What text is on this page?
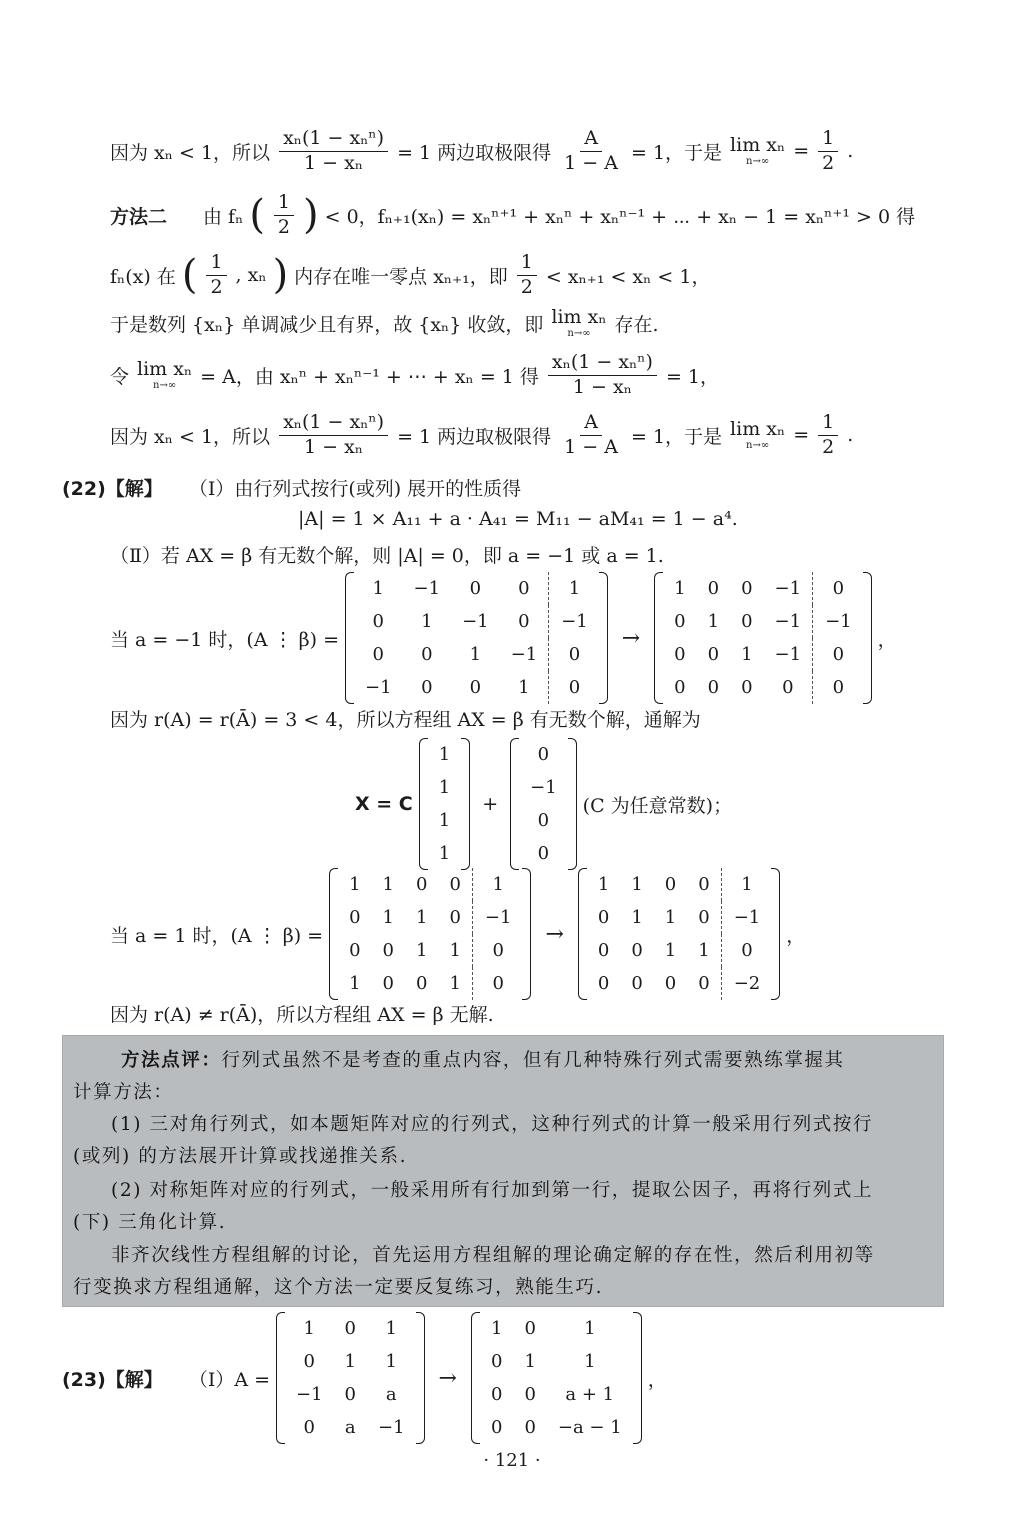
因为 xₙ < 1，所以 $\frac{\text{xₙ(1 − xₙⁿ)}}{\text{1 − xₙ}} = 1$ 两边取极限得 $\frac{A}{1 - A} = 1$，于是 lim xₙ
$n\to\infty = \frac{1}{2}$ .
方法二 由 fₙ ( $\frac{1}{2}$ ) < 0，fₙ₊₁(xₙ) = xₙⁿ⁺¹ + xₙⁿ + xₙⁿ⁻¹ + ⋯ + xₙ − 1 = xₙⁿ⁺¹ > 0 得
fₙ(x) 在 ( $\frac{1}{2}$ , xₙ ) 内存在唯一零点 xₙ₊₁，即 $\frac{1}{2} < x_{n+1} < x_n < 1$，
于是数列 {xₙ} 单调减少且有界，故 {xₙ} 收敛，即 lim xₙ
n→∞ 存在.
令 lim xₙ
n→∞ = A，由 xₙⁿ + xₙⁿ⁻¹ + ⋯ + xₙ = 1 得 $\frac{\text{xₙ(1 − xₙⁿ)}}{\text{1 − xₙ}} = 1$，
因为 xₙ < 1，所以 $\frac{\text{xₙ(1 − xₙⁿ)}}{\text{1 − xₙ}} = 1$ 两边取极限得 $\frac{A}{1 - A} = 1$，于是 lim xₙ
$n\to\infty = \frac{1}{2}$ .
(22)【解】 （Ⅰ）由行列式按行(或列) 展开的性质得
|A| = 1 × A₁₁ + a · A₄₁ = M₁₁ − aM₄₁ = 1 − a⁴.
（Ⅱ）若 AX = β 有无数个解，则 |A| = 0，即 a = −1 或 a = 1.
当 a = −1 时，(A ⋮ β) =
1	−1	0	0	1
0	1	−1	0	−1
0	0	1	−1	0
−1	0	0	1	0
→
1	0	0	−1	0
0	1	0	−1	−1
0	0	1	−1	0
0	0	0	0	0
，
因为 r(A) = r(Ā) = 3 < 4，所以方程组 AX = β 有无数个解，通解为
X = C
1
1
1
1
+
0
−1
0
0
(C 为任意常数)；
当 a = 1 时，(A ⋮ β) =
1	1	0	0	1
0	1	1	0	−1
0	0	1	1	0
1	0	0	1	0
→
1	1	0	0	1
0	1	1	0	−1
0	0	1	1	0
0	0	0	0	−2
，
因为 r(A) ≠ r(Ā)，所以方程组 AX = β 无解.

方法点评：行列式虽然不是考查的重点内容，但有几种特殊行列式需要熟练掌握其

计算方法：

(1) 三对角行列式，如本题矩阵对应的行列式，这种行列式的计算一般采用行列式按行

(或列) 的方法展开计算或找递推关系.

(2) 对称矩阵对应的行列式，一般采用所有行加到第一行，提取公因子，再将行列式上

(下) 三角化计算.

非齐次线性方程组解的讨论，首先运用方程组解的理论确定解的存在性，然后利用初等

行变换求方程组通解，这个方法一定要反复练习，熟能生巧.

(23)【解】 （Ⅰ）A =
1	0	1
0	1	1
−1	0	a
0	a	−1
→
1	0	1
0	1	1
0	0	a + 1
0	0	−a − 1
，
· 121 ·
